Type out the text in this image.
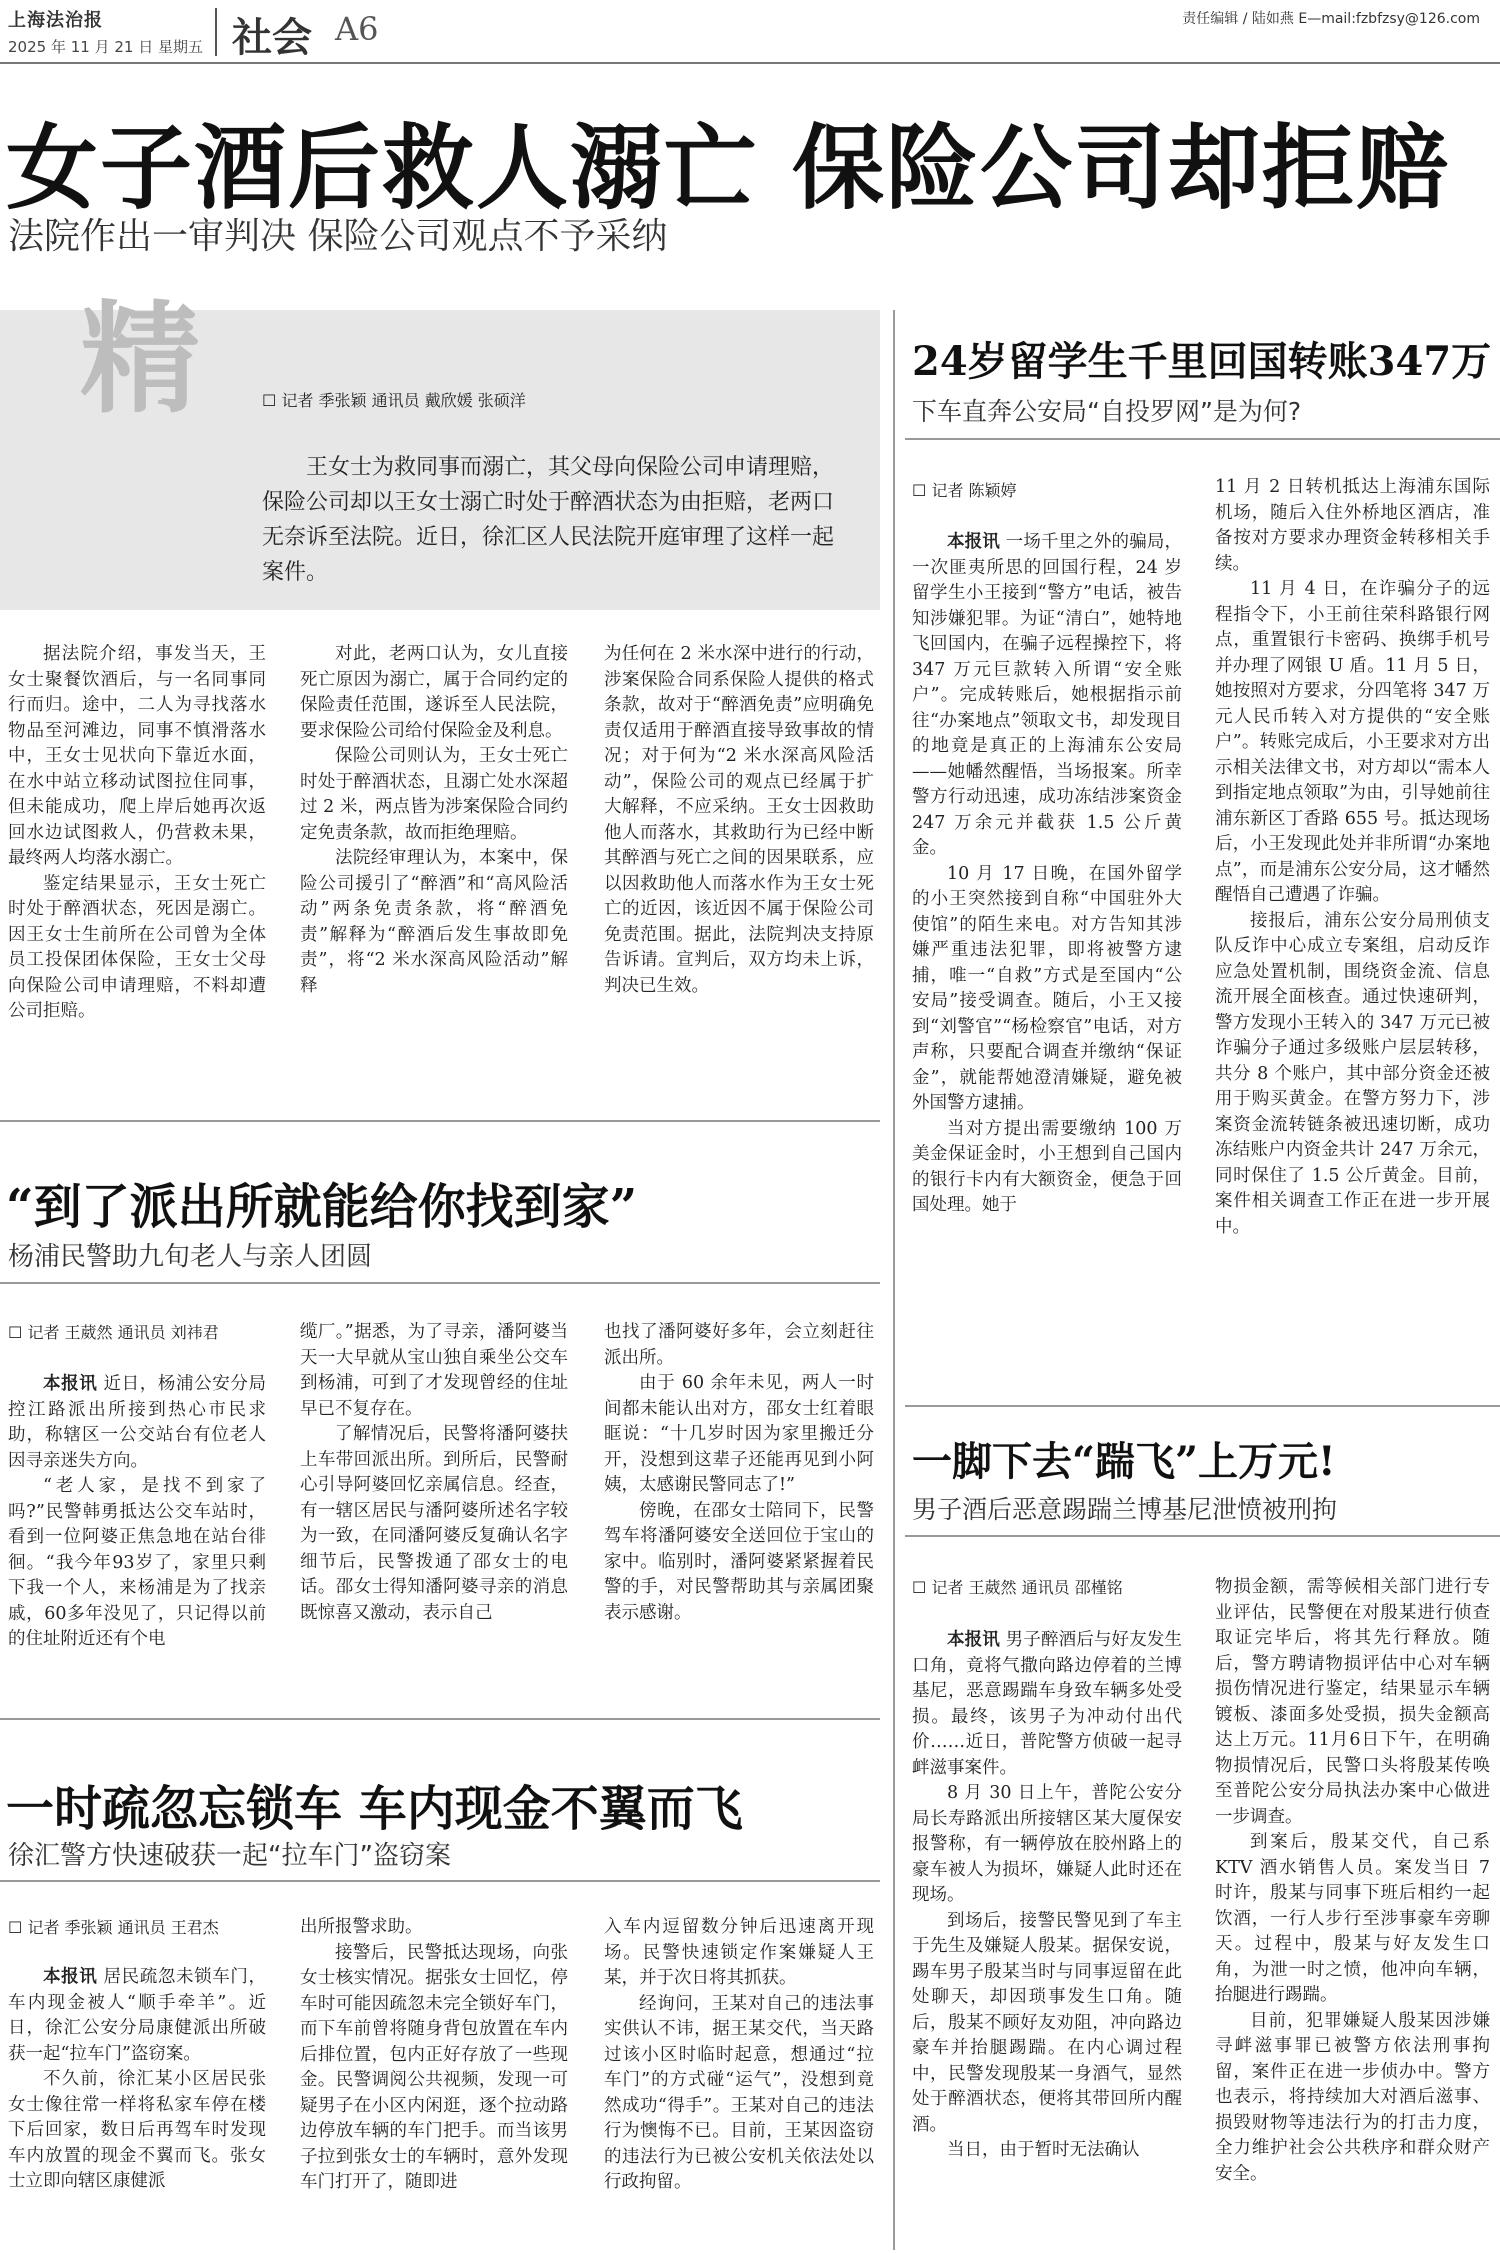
上海法治报
2025 年 11 月 21 日 星期五 社会 A6	责任编辑 / 陆如燕 E—mail:fzbfzsy@126.com
女子酒后救人溺亡 保险公司却拒赔
法院作出一审判决 保险公司观点不予采纳
精
☐	记者 季张颖 通讯员 戴欣媛 张硕洋
王女士为救同事而溺亡，其父母向保险公司申请理赔，保险公司却以王女士溺亡时处于醉酒状态为由拒赔，老两口无奈诉至法院。近日，徐汇区人民法院开庭审理了这样一起案件。

据法院介绍，事发当天，王女士聚餐饮酒后，与一名同事同行而归。途中，二人为寻找落水物品至河滩边，同事不慎滑落水中，王女士见状向下靠近水面，在水中站立移动试图拉住同事，但未能成功，爬上岸后她再次返回水边试图救人，仍营救未果，最终两人均落水溺亡。

鉴定结果显示，王女士死亡时处于醉酒状态，死因是溺亡。因王女士生前所在公司曾为全体员工投保团体保险，王女士父母向保险公司申请理赔，不料却遭公司拒赔。

对此，老两口认为，女儿直接死亡原因为溺亡，属于合同约定的保险责任范围，遂诉至人民法院，要求保险公司给付保险金及利息。

保险公司则认为，王女士死亡时处于醉酒状态，且溺亡处水深超过 2 米，两点皆为涉案保险合同约定免责条款，故而拒绝理赔。

法院经审理认为，本案中，保险公司援引了“醉酒”和“高风险活动”两条免责条款，将“醉酒免责”解释为“醉酒后发生事故即免责”，将“2 米水深高风险活动”解释

为任何在 2 米水深中进行的行动，涉案保险合同系保险人提供的格式条款，故对于“醉酒免责”应明确免责仅适用于醉酒直接导致事故的情况；对于何为“2 米水深高风险活动”，保险公司的观点已经属于扩大解释，不应采纳。王女士因救助他人而落水，其救助行为已经中断其醉酒与死亡之间的因果联系，应以因救助他人而落水作为王女士死亡的近因，该近因不属于保险公司免责范围。据此，法院判决支持原告诉请。宣判后，双方均未上诉，判决已生效。

24岁留学生千里回国转账347万
下车直奔公安局“自投罗网”是为何?
☐ 记者 陈颖婷

本报讯 一场千里之外的骗局，一次匪夷所思的回国行程，24 岁留学生小王接到“警方”电话，被告知涉嫌犯罪。为证“清白”，她特地飞回国内，在骗子远程操控下，将 347 万元巨款转入所谓“安全账户”。完成转账后，她根据指示前往“办案地点”领取文书，却发现目的地竟是真正的上海浦东公安局——她幡然醒悟，当场报案。所幸警方行动迅速，成功冻结涉案资金 247 万余元并截获 1.5 公斤黄金。

10 月 17 日晚，在国外留学的小王突然接到自称“中国驻外大使馆”的陌生来电。对方告知其涉嫌严重违法犯罪，即将被警方逮捕，唯一“自救”方式是至国内“公安局”接受调查。随后，小王又接到“刘警官”“杨检察官”电话，对方声称，只要配合调查并缴纳“保证金”，就能帮她澄清嫌疑，避免被外国警方逮捕。

当对方提出需要缴纳 100 万美金保证金时，小王想到自己国内的银行卡内有大额资金，便急于回国处理。她于

11 月 2 日转机抵达上海浦东国际机场，随后入住外桥地区酒店，准备按对方要求办理资金转移相关手续。

11 月 4 日，在诈骗分子的远程指令下，小王前往荣科路银行网点，重置银行卡密码、换绑手机号并办理了网银 U 盾。11 月 5 日，她按照对方要求，分四笔将 347 万元人民币转入对方提供的“安全账户”。转账完成后，小王要求对方出示相关法律文书，对方却以“需本人到指定地点领取”为由，引导她前往浦东新区丁香路 655 号。抵达现场后，小王发现此处并非所谓“办案地点”，而是浦东公安分局，这才幡然醒悟自己遭遇了诈骗。

接报后，浦东公安分局刑侦支队反诈中心成立专案组，启动反诈应急处置机制，围绕资金流、信息流开展全面核查。通过快速研判，警方发现小王转入的 347 万元已被诈骗分子通过多级账户层层转移，共分 8 个账户，其中部分资金还被用于购买黄金。在警方努力下，涉案资金流转链条被迅速切断，成功冻结账户内资金共计 247 万余元，同时保住了 1.5 公斤黄金。目前，案件相关调查工作正在进一步开展中。

“到了派出所就能给你找到家”
杨浦民警助九旬老人与亲人团圆
☐ 记者 王葳然 通讯员 刘祎君

本报讯 近日，杨浦公安分局控江路派出所接到热心市民求助，称辖区一公交站台有位老人因寻亲迷失方向。

“老人家，是找不到家了吗?”民警韩勇抵达公交车站时，看到一位阿婆正焦急地在站台徘徊。“我今年93岁了，家里只剩下我一个人，来杨浦是为了找亲戚，60多年没见了，只记得以前的住址附近还有个电

缆厂。”据悉，为了寻亲，潘阿婆当天一大早就从宝山独自乘坐公交车到杨浦，可到了才发现曾经的住址早已不复存在。

了解情况后，民警将潘阿婆扶上车带回派出所。到所后，民警耐心引导阿婆回忆亲属信息。经查，有一辖区居民与潘阿婆所述名字较为一致，在同潘阿婆反复确认名字细节后，民警拨通了邵女士的电话。邵女士得知潘阿婆寻亲的消息既惊喜又激动，表示自己

也找了潘阿婆好多年，会立刻赶往派出所。

由于 60 余年未见，两人一时间都未能认出对方，邵女士红着眼眶说：“十几岁时因为家里搬迁分开，没想到这辈子还能再见到小阿姨，太感谢民警同志了!”

傍晚，在邵女士陪同下，民警驾车将潘阿婆安全送回位于宝山的家中。临别时，潘阿婆紧紧握着民警的手，对民警帮助其与亲属团聚表示感谢。

一脚下去“踹飞”上万元!
男子酒后恶意踢踹兰博基尼泄愤被刑拘
☐ 记者 王葳然 通讯员 邵槿铭

本报讯 男子醉酒后与好友发生口角，竟将气撒向路边停着的兰博基尼，恶意踢踹车身致车辆多处受损。最终，该男子为冲动付出代价……近日，普陀警方侦破一起寻衅滋事案件。

8 月 30 日上午，普陀公安分局长寿路派出所接辖区某大厦保安报警称，有一辆停放在胶州路上的豪车被人为损坏，嫌疑人此时还在现场。

到场后，接警民警见到了车主于先生及嫌疑人殷某。据保安说，踢车男子殷某当时与同事逗留在此处聊天，却因琐事发生口角。随后，殷某不顾好友劝阻，冲向路边豪车并抬腿踢踹。在内心调过程中，民警发现殷某一身酒气，显然处于醉酒状态，便将其带回所内醒酒。

当日，由于暂时无法确认

物损金额，需等候相关部门进行专业评估，民警便在对殷某进行侦查取证完毕后，将其先行释放。随后，警方聘请物损评估中心对车辆损伤情况进行鉴定，结果显示车辆镀板、漆面多处受损，损失金额高达上万元。11月6日下午，在明确物损情况后，民警口头将殷某传唤至普陀公安分局执法办案中心做进一步调查。

到案后，殷某交代，自己系 KTV 酒水销售人员。案发当日 7 时许，殷某与同事下班后相约一起饮酒，一行人步行至涉事豪车旁聊天。过程中，殷某与好友发生口角，为泄一时之愤，他冲向车辆，抬腿进行踢踹。

目前，犯罪嫌疑人殷某因涉嫌寻衅滋事罪已被警方依法刑事拘留，案件正在进一步侦办中。警方也表示，将持续加大对酒后滋事、损毁财物等违法行为的打击力度，全力维护社会公共秩序和群众财产安全。

一时疏忽忘锁车 车内现金不翼而飞
徐汇警方快速破获一起“拉车门”盗窃案
☐ 记者 季张颖 通讯员 王君杰

本报讯 居民疏忽未锁车门，车内现金被人“顺手牵羊”。近日，徐汇公安分局康健派出所破获一起“拉车门”盗窃案。

不久前，徐汇某小区居民张女士像往常一样将私家车停在楼下后回家，数日后再驾车时发现车内放置的现金不翼而飞。张女士立即向辖区康健派

出所报警求助。

接警后，民警抵达现场，向张女士核实情况。据张女士回忆，停车时可能因疏忽未完全锁好车门，而下车前曾将随身背包放置在车内后排位置，包内正好存放了一些现金。民警调阅公共视频，发现一可疑男子在小区内闲逛，逐个拉动路边停放车辆的车门把手。而当该男子拉到张女士的车辆时，意外发现车门打开了，随即进

入车内逗留数分钟后迅速离开现场。民警快速锁定作案嫌疑人王某，并于次日将其抓获。

经询问，王某对自己的违法事实供认不讳，据王某交代，当天路过该小区时临时起意，想通过“拉车门”的方式碰“运气”，没想到竟然成功“得手”。王某对自己的违法行为懊悔不已。目前，王某因盗窃的违法行为已被公安机关依法处以行政拘留。
